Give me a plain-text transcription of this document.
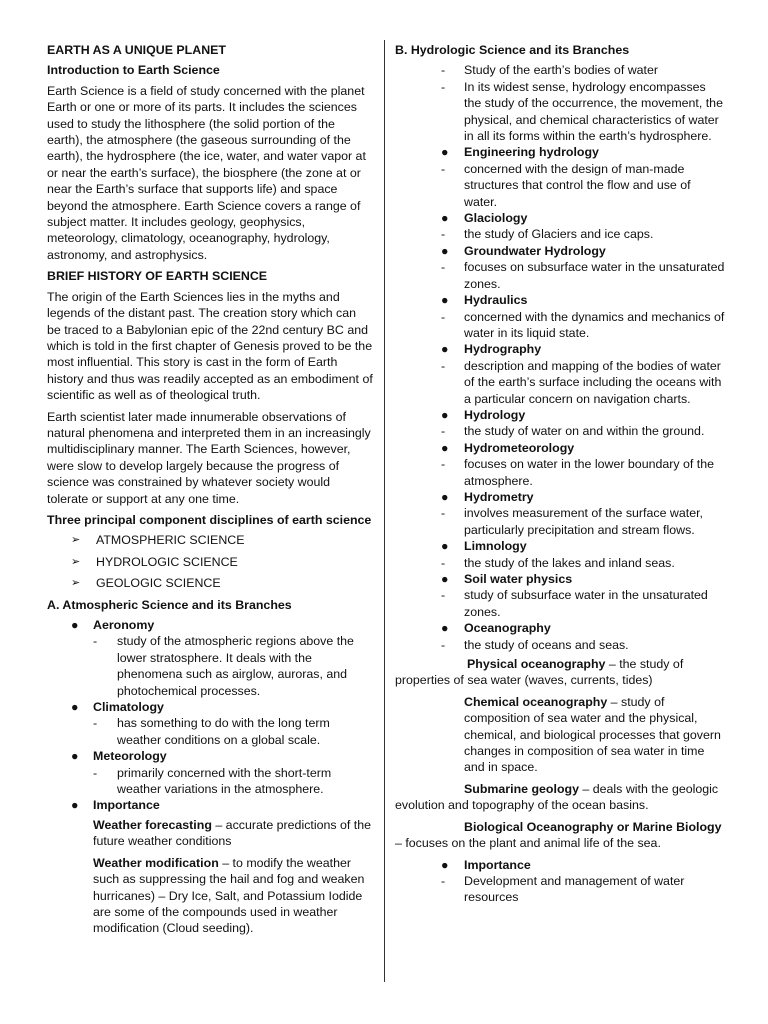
EARTH AS A UNIQUE PLANET
Introduction to Earth Science

Earth Science is a field of study concerned with the planet Earth or one or more of its parts. It includes the sciences used to study the lithosphere (the solid portion of the earth), the atmosphere (the gaseous surrounding of the earth), the hydrosphere (the ice, water, and water vapor at or near the earth’s surface), the biosphere (the zone at or near the Earth’s surface that supports life) and space beyond the atmosphere. Earth Science covers a range of subject matter. It includes geology, geophysics, meteorology, climatology, oceanography, hydrology, astronomy, and astrophysics.

BRIEF HISTORY OF EARTH SCIENCE

The origin of the Earth Sciences lies in the myths and legends of the distant past. The creation story which can be traced to a Babylonian epic of the 22nd century BC and which is told in the first chapter of Genesis proved to be the most influential. This story is cast in the form of Earth history and thus was readily accepted as an embodiment of scientific as well as of theological truth.

Earth scientist later made innumerable observations of natural phenomena and interpreted them in an increasingly multidisciplinary manner. The Earth Sciences, however, were slow to develop largely because the progress of science was constrained by whatever society would tolerate or support at any one time.

Three principal component disciplines of earth science
➢ ATMOSPHERIC SCIENCE
➢ HYDROLOGIC SCIENCE
➢ GEOLOGIC SCIENCE
A. Atmospheric Science and its Branches
● Aeronomy
- study of the atmospheric regions above the lower stratosphere. It deals with the phenomena such as airglow, auroras, and photochemical processes.
● Climatology
- has something to do with the long term weather conditions on a global scale.
● Meteorology
- primarily concerned with the short-term weather variations in the atmosphere.
● Importance
Weather forecasting – accurate predictions of the future weather conditions
Weather modification – to modify the weather such as suppressing the hail and fog and weaken hurricanes) – Dry Ice, Salt, and Potassium Iodide are some of the compounds used in weather modification (Cloud seeding).
B. Hydrologic Science and its Branches
- Study of the earth’s bodies of water
- In its widest sense, hydrology encompasses the study of the occurrence, the movement, the physical, and chemical characteristics of water in all its forms within the earth’s hydrosphere.
● Engineering hydrology
- concerned with the design of man-made structures that control the flow and use of water.
● Glaciology
- the study of Glaciers and ice caps.
● Groundwater Hydrology
- focuses on subsurface water in the unsaturated zones.
● Hydraulics
- concerned with the dynamics and mechanics of water in its liquid state.
● Hydrography
- description and mapping of the bodies of water of the earth’s surface including the oceans with a particular concern on navigation charts.
● Hydrology
- the study of water on and within the ground.
● Hydrometeorology
- focuses on water in the lower boundary of the atmosphere.
● Hydrometry
- involves measurement of the surface water, particularly precipitation and stream flows.
● Limnology
- the study of the lakes and inland seas.
● Soil water physics
- study of subsurface water in the unsaturated zones.
● Oceanography
- the study of oceans and seas.
Physical oceanography – the study of properties of sea water (waves, currents, tides)
Chemical oceanography – study of composition of sea water and the physical, chemical, and biological processes that govern changes in composition of sea water in time and in space.
Submarine geology – deals with the geologic evolution and topography of the ocean basins.
Biological Oceanography or Marine Biology – focuses on the plant and animal life of the sea.
● Importance
- Development and management of water resources
